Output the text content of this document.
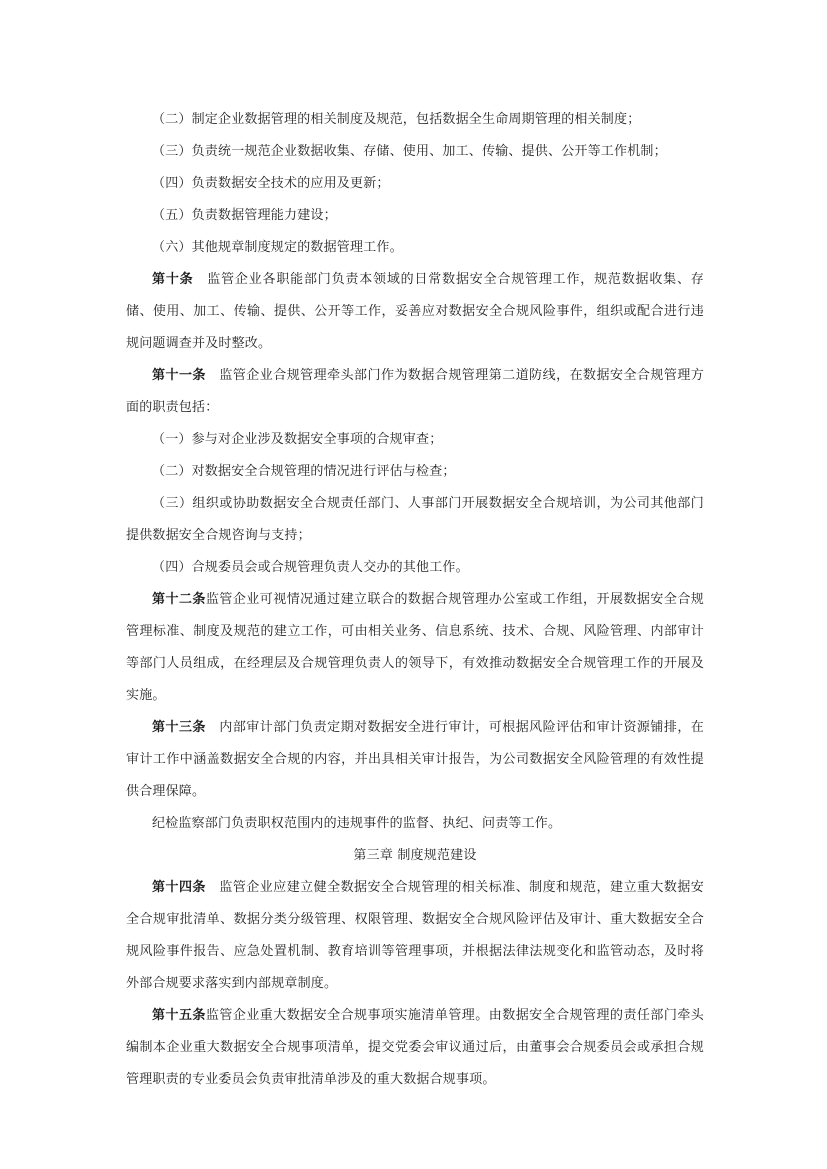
（二）制定企业数据管理的相关制度及规范，包括数据全生命周期管理的相关制度；

（三）负责统一规范企业数据收集、存储、使用、加工、传输、提供、公开等工作机制；

（四）负责数据安全技术的应用及更新；

（五）负责数据管理能力建设；

（六）其他规章制度规定的数据管理工作。

第十条　监管企业各职能部门负责本领域的日常数据安全合规管理工作，规范数据收集、存储、使用、加工、传输、提供、公开等工作，妥善应对数据安全合规风险事件，组织或配合进行违规问题调查并及时整改。

第十一条　监管企业合规管理牵头部门作为数据合规管理第二道防线，在数据安全合规管理方面的职责包括：

（一）参与对企业涉及数据安全事项的合规审查；

（二）对数据安全合规管理的情况进行评估与检查；

（三）组织或协助数据安全合规责任部门、人事部门开展数据安全合规培训，为公司其他部门提供数据安全合规咨询与支持；

（四）合规委员会或合规管理负责人交办的其他工作。

第十二条监管企业可视情况通过建立联合的数据合规管理办公室或工作组，开展数据安全合规管理标准、制度及规范的建立工作，可由相关业务、信息系统、技术、合规、风险管理、内部审计等部门人员组成，在经理层及合规管理负责人的领导下，有效推动数据安全合规管理工作的开展及实施。

第十三条　内部审计部门负责定期对数据安全进行审计，可根据风险评估和审计资源铺排，在审计工作中涵盖数据安全合规的内容，并出具相关审计报告，为公司数据安全风险管理的有效性提供合理保障。

纪检监察部门负责职权范围内的违规事件的监督、执纪、问责等工作。

第三章 制度规范建设

第十四条　监管企业应建立健全数据安全合规管理的相关标准、制度和规范，建立重大数据安全合规审批清单、数据分类分级管理、权限管理、数据安全合规风险评估及审计、重大数据安全合规风险事件报告、应急处置机制、教育培训等管理事项，并根据法律法规变化和监管动态，及时将外部合规要求落实到内部规章制度。

第十五条监管企业重大数据安全合规事项实施清单管理。由数据安全合规管理的责任部门牵头编制本企业重大数据安全合规事项清单，提交党委会审议通过后，由董事会合规委员会或承担合规管理职责的专业委员会负责审批清单涉及的重大数据合规事项。
